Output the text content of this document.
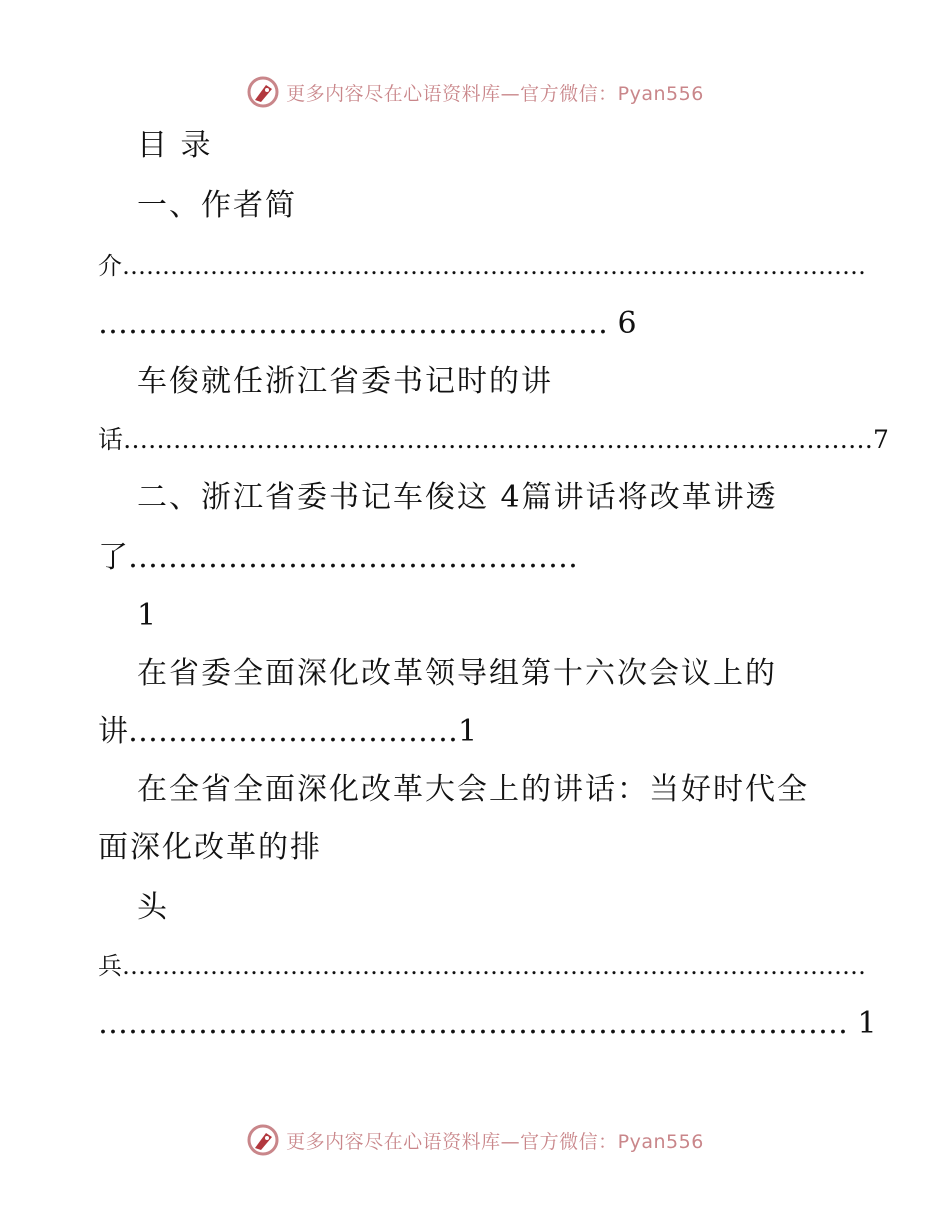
更多内容尽在心语资料库—官方微信：Pyan556
目 录
一、作者简
介…………………………………………………………………………………
…………………………………………… 6
车俊就任浙江省委书记时的讲
话………………………………………………………………………………7
二、浙江省委书记车俊这 4篇讲话将改革讲透
了………………………………………
1
在省委全面深化改革领导组第十六次会议上的
讲……………………………1
在全省全面深化改革大会上的讲话：当好时代全
面深化改革的排
头
兵…………………………………………………………………………………
………………………………………………………………… 1
更多内容尽在心语资料库—官方微信：Pyan556
